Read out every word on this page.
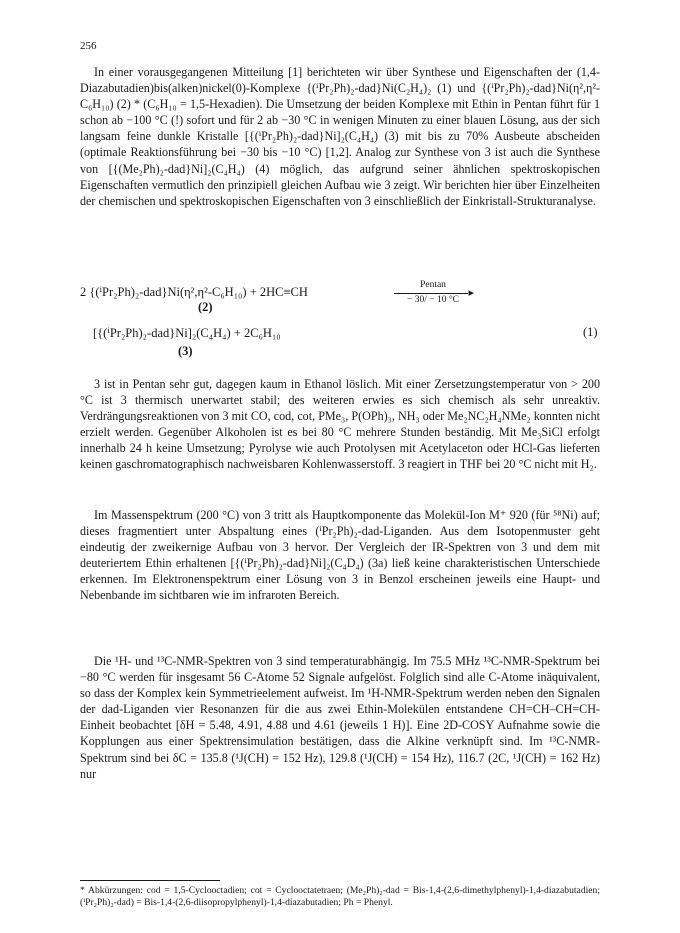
256

In einer vorausgegangenen Mitteilung [1] berichteten wir über Synthese und Eigenschaften der (1,4-Diazabutadien)bis(alken)nickel(0)-Komplexe {(ⁱPr₂Ph)₂-dad}Ni(C₂H₄)₂ (1) und {(ⁱPr₂Ph)₂-dad}Ni(η²,η²-C₆H₁₀) (2) * (C₆H₁₀ = 1,5-Hexadien). Die Umsetzung der beiden Komplexe mit Ethin in Pentan führt für 1 schon ab −100 °C (!) sofort und für 2 ab −30 °C in wenigen Minuten zu einer blauen Lösung, aus der sich langsam feine dunkle Kristalle [{(ⁱPr₂Ph)₂-dad}Ni]₂(C₄H₄) (3) mit bis zu 70% Ausbeute abscheiden (optimale Reaktionsführung bei −30 bis −10 °C) [1,2]. Analog zur Synthese von 3 ist auch die Synthese von [{(Me₂Ph)₂-dad}Ni]₂(C₄H₄) (4) möglich, das aufgrund seiner ähnlichen spektroskopischen Eigenschaften vermutlich den prinzipiell gleichen Aufbau wie 3 zeigt. Wir berichten hier über Einzelheiten der chemischen und spektroskopischen Eigenschaften von 3 einschließlich der Einkristall-Strukturanalyse.

2 {(ⁱPr₂Ph)₂-dad}Ni(η²,η²-C₆H₁₀) + 2HC≡CH
(2)
Pentan
▸
− 30/ − 10 °C
[{(ⁱPr₂Ph)₂-dad}Ni]₂(C₄H₄) + 2C₆H₁₀
(3)
(1)

3 ist in Pentan sehr gut, dagegen kaum in Ethanol löslich. Mit einer Zersetzungstemperatur von > 200 °C ist 3 thermisch unerwartet stabil; des weiteren erwies es sich chemisch als sehr unreaktiv. Verdrängungsreaktionen von 3 mit CO, cod, cot, PMe₃, P(OPh)₃, NH₃ oder Me₂NC₂H₄NMe₂ konnten nicht erzielt werden. Gegenüber Alkoholen ist es bei 80 °C mehrere Stunden beständig. Mit Me₃SiCl erfolgt innerhalb 24 h keine Umsetzung; Pyrolyse wie auch Protolysen mit Acetylaceton oder HCl-Gas lieferten keinen gaschromatographisch nachweisbaren Kohlenwasserstoff. 3 reagiert in THF bei 20 °C nicht mit H₂.

Im Massenspektrum (200 °C) von 3 tritt als Hauptkomponente das Molekül-Ion M⁺ 920 (für ⁵⁸Ni) auf; dieses fragmentiert unter Abspaltung eines (ⁱPr₂Ph)₂-dad-Liganden. Aus dem Isotopenmuster geht eindeutig der zweikernige Aufbau von 3 hervor. Der Vergleich der IR-Spektren von 3 und dem mit deuteriertem Ethin erhaltenen [{(ⁱPr₂Ph)₂-dad}Ni]₂(C₄D₄) (3a) ließ keine charakteristischen Unterschiede erkennen. Im Elektronenspektrum einer Lösung von 3 in Benzol erscheinen jeweils eine Haupt- und Nebenbande im sichtbaren wie im infraroten Bereich.

Die ¹H- und ¹³C-NMR-Spektren von 3 sind temperaturabhängig. Im 75.5 MHz ¹³C-NMR-Spektrum bei −80 °C werden für insgesamt 56 C-Atome 52 Signale aufgelöst. Folglich sind alle C-Atome inäquivalent, so dass der Komplex kein Symmetrieelement aufweist. Im ¹H-NMR-Spektrum werden neben den Signalen der dad-Liganden vier Resonanzen für die aus zwei Ethin-Molekülen entstandene CH=CH–CH=CH-Einheit beobachtet [δH = 5.48, 4.91, 4.88 und 4.61 (jeweils 1 H)]. Eine 2D-COSY Aufnahme sowie die Kopplungen aus einer Spektrensimulation bestätigen, dass die Alkine verknüpft sind. Im ¹³C-NMR-Spektrum sind bei δC = 135.8 (¹J(CH) = 152 Hz), 129.8 (¹J(CH) = 154 Hz), 116.7 (2C, ¹J(CH) = 162 Hz) nur

* Abkürzungen: cod = 1,5-Cyclooctadien; cot = Cyclooctatetraen; (Me₂Ph)₂-dad = Bis-1,4-(2,6-dimethylphenyl)-1,4-diazabutadien; (ⁱPr₂Ph)₂-dad) = Bis-1,4-(2,6-diisopropylphenyl)-1,4-diazabutadien; Ph = Phenyl.
